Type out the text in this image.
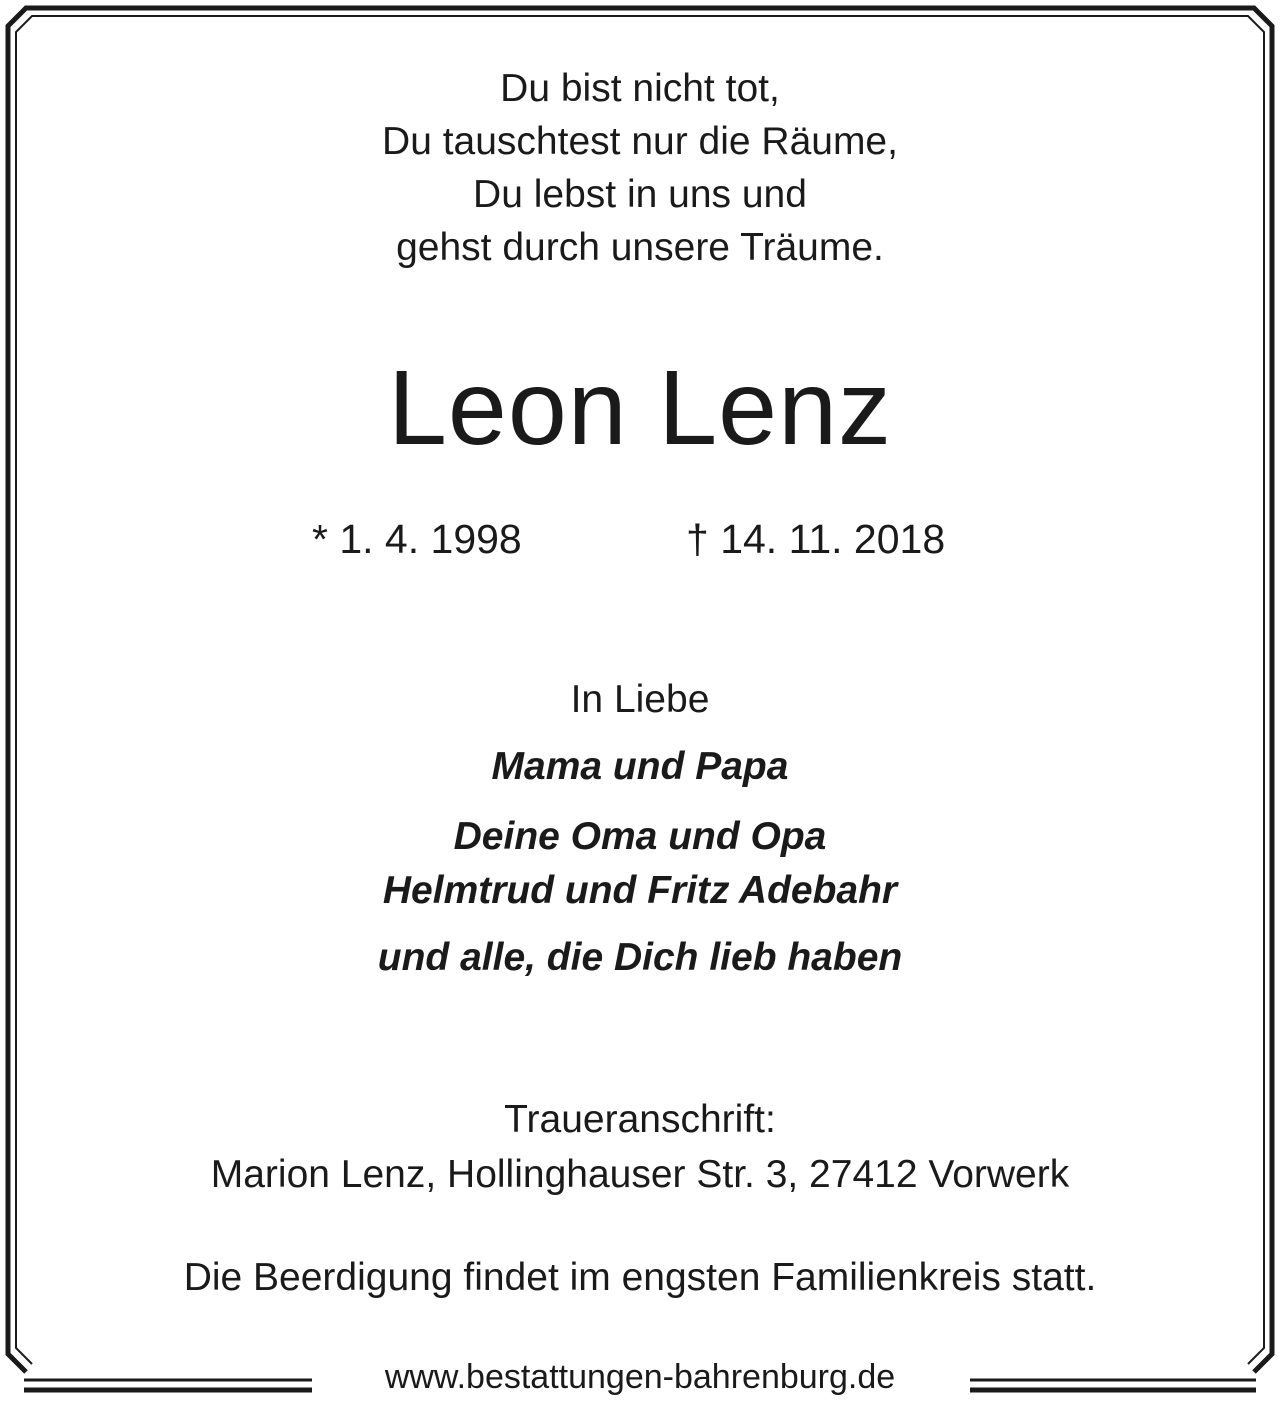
Du bist nicht tot,
Du tauschtest nur die Räume,
Du lebst in uns und
gehst durch unsere Träume.
Leon Lenz
* 1. 4. 1998	† 14. 11. 2018
In Liebe
Mama und Papa
Deine Oma und Opa
Helmtrud und Fritz Adebahr
und alle, die Dich lieb haben
Traueranschrift:
Marion Lenz, Hollinghauser Str. 3, 27412 Vorwerk
Die Beerdigung findet im engsten Familienkreis statt.
www.bestattungen-bahrenburg.de
